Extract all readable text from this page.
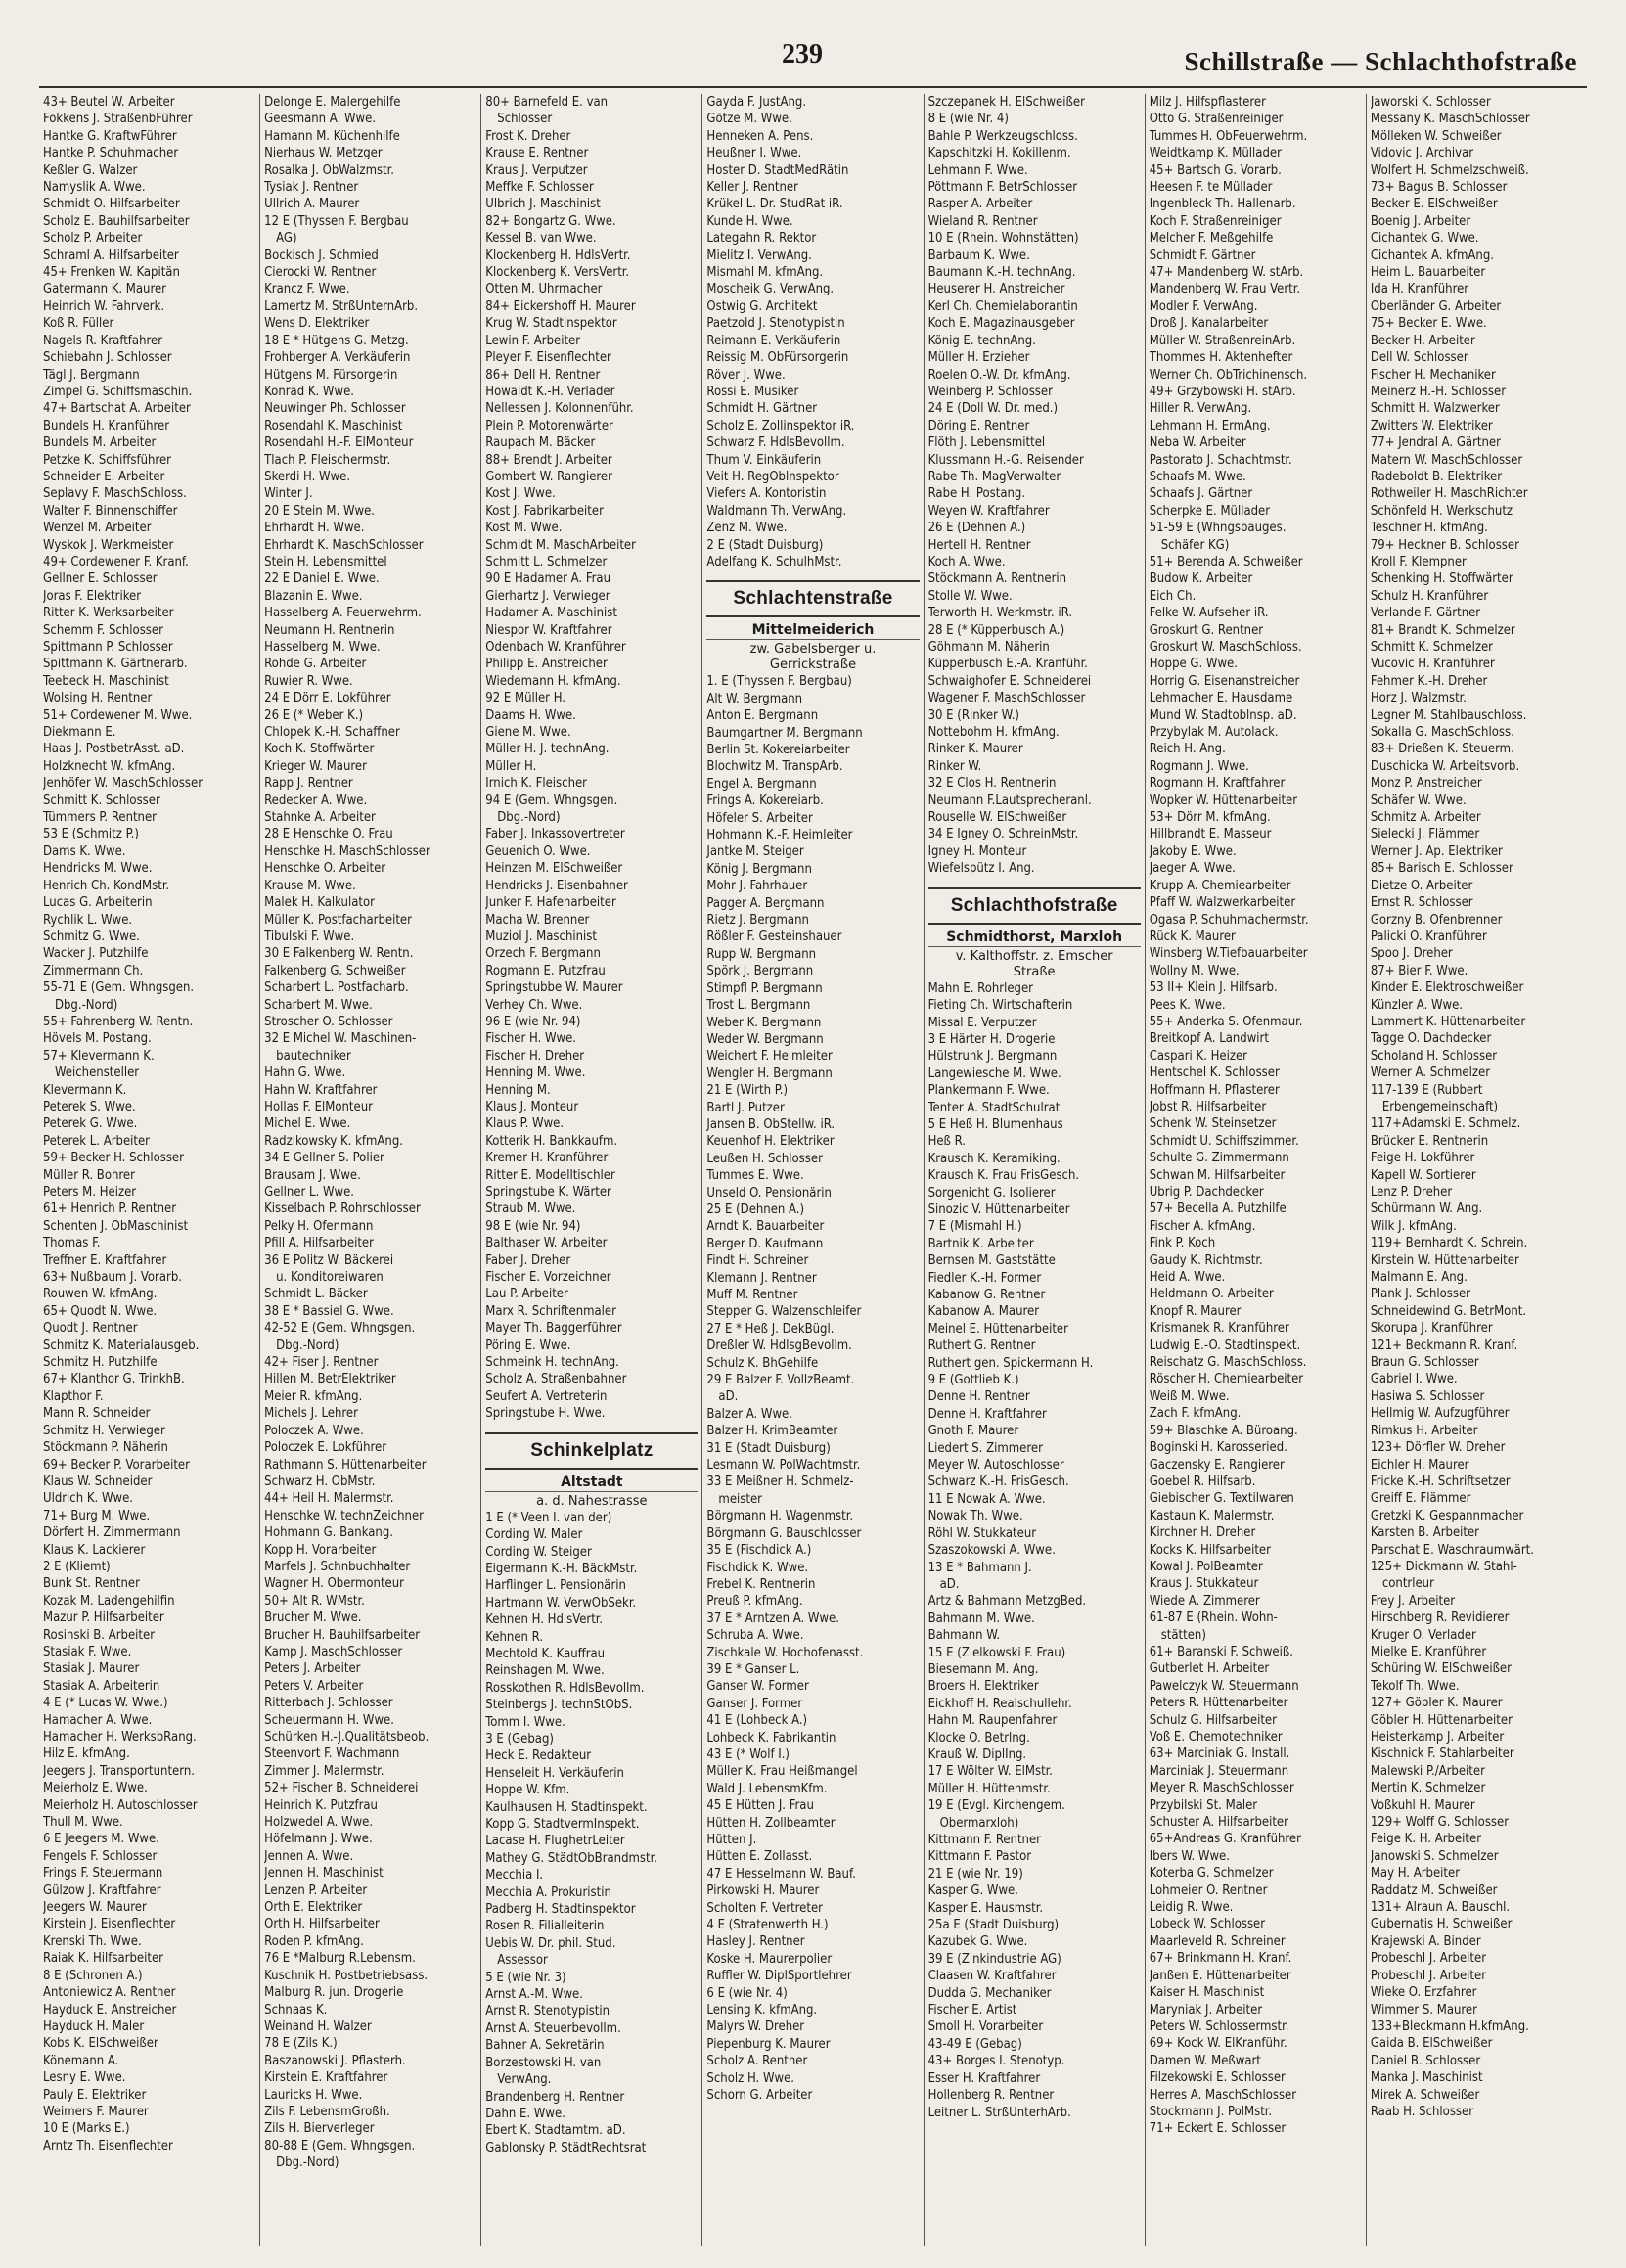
239	Schillstraße — Schlachthofstraße
43+ Beutel W. Arbeiter
Fokkens J. StraßenbFührer
Hantke G. KraftwFührer
Hantke P. Schuhmacher
Keßler G. Walzer
Namyslik A. Wwe.
Schmidt O. Hilfsarbeiter
Scholz E. Bauhilfsarbeiter
Scholz P. Arbeiter
Schraml A. Hilfsarbeiter
45+ Frenken W. Kapitän
Gatermann K. Maurer
Heinrich W. Fahrverk.
Koß R. Füller
Nagels R. Kraftfahrer
Schiebahn J. Schlosser
Tägl J. Bergmann
Zimpel G. Schiffsmaschin.
47+ Bartschat A. Arbeiter
Bundels H. Kranführer
Bundels M. Arbeiter
Petzke K. Schiffsführer
Schneider E. Arbeiter
Seplavy F. MaschSchloss.
Walter F. Binnenschiffer
Wenzel M. Arbeiter
Wyskok J. Werkmeister
49+ Cordewener F. Kranf.
Gellner E. Schlosser
Joras F. Elektriker
Ritter K. Werksarbeiter
Schemm F. Schlosser
Spittmann P. Schlosser
Spittmann K. Gärtnerarb.
Teebeck H. Maschinist
Wolsing H. Rentner
51+ Cordewener M. Wwe.
Diekmann E.
Haas J. PostbetrAsst. aD.
Holzknecht W. kfmAng.
Jenhöfer W. MaschSchlosser
Schmitt K. Schlosser
Tümmers P. Rentner
53 E (Schmitz P.)
Dams K. Wwe.
Hendricks M. Wwe.
Henrich Ch. KondMstr.
Lucas G. Arbeiterin
Rychlik L. Wwe.
Schmitz G. Wwe.
Wacker J. Putzhilfe
Zimmermann Ch.
55-71 E (Gem. Whngsgen.
Dbg.-Nord)
55+ Fahrenberg W. Rentn.
Hövels M. Postang.
57+ Klevermann K.
Weichensteller
Klevermann K.
Peterek S. Wwe.
Peterek G. Wwe.
Peterek L. Arbeiter
59+ Becker H. Schlosser
Müller R. Bohrer
Peters M. Heizer
61+ Henrich P. Rentner
Schenten J. ObMaschinist
Thomas F.
Treffner E. Kraftfahrer
63+ Nußbaum J. Vorarb.
Rouwen W. kfmAng.
65+ Quodt N. Wwe.
Quodt J. Rentner
Schmitz K. Materialausgeb.
Schmitz H. Putzhilfe
67+ Klanthor G. TrinkhB.
Klapthor F.
Mann R. Schneider
Schmitz H. Verwieger
Stöckmann P. Näherin
69+ Becker P. Vorarbeiter
Klaus W. Schneider
Uldrich K. Wwe.
71+ Burg M. Wwe.
Dörfert H. Zimmermann
Klaus K. Lackierer
2 E (Kliemt)
Bunk St. Rentner
Kozak M. Ladengehilfin
Mazur P. Hilfsarbeiter
Rosinski B. Arbeiter
Stasiak F. Wwe.
Stasiak J. Maurer
Stasiak A. Arbeiterin
4 E (* Lucas W. Wwe.)
Hamacher A. Wwe.
Hamacher H. WerksbRang.
Hilz E. kfmAng.
Jeegers J. Transportuntern.
Meierholz E. Wwe.
Meierholz H. Autoschlosser
Thull M. Wwe.
6 E Jeegers M. Wwe.
Fengels F. Schlosser
Frings F. Steuermann
Gülzow J. Kraftfahrer
Jeegers W. Maurer
Kirstein J. Eisenflechter
Krenski Th. Wwe.
Raiak K. Hilfsarbeiter
8 E (Schronen A.)
Antoniewicz A. Rentner
Hayduck E. Anstreicher
Hayduck H. Maler
Kobs K. ElSchweißer
Könemann A.
Lesny E. Wwe.
Pauly E. Elektriker
Weimers F. Maurer
10 E (Marks E.)
Arntz Th. Eisenflechter
Delonge E. Malergehilfe
Geesmann A. Wwe.
Hamann M. Küchenhilfe
Nierhaus W. Metzger
Rosalka J. ObWalzmstr.
Tysiak J. Rentner
Ullrich A. Maurer
12 E (Thyssen F. Bergbau
AG)
Bockisch J. Schmied
Cierocki W. Rentner
Krancz F. Wwe.
Lamertz M. StrßUnternArb.
Wens D. Elektriker
18 E * Hütgens G. Metzg.
Frohberger A. Verkäuferin
Hütgens M. Fürsorgerin
Konrad K. Wwe.
Neuwinger Ph. Schlosser
Rosendahl K. Maschinist
Rosendahl H.-F. ElMonteur
Tlach P. Fleischermstr.
Skerdi H. Wwe.
Winter J.
20 E Stein M. Wwe.
Ehrhardt H. Wwe.
Ehrhardt K. MaschSchlosser
Stein H. Lebensmittel
22 E Daniel E. Wwe.
Blazanin E. Wwe.
Hasselberg A. Feuerwehrm.
Neumann H. Rentnerin
Hasselberg M. Wwe.
Rohde G. Arbeiter
Ruwier R. Wwe.
24 E Dörr E. Lokführer
26 E (* Weber K.)
Chlopek K.-H. Schaffner
Koch K. Stoffwärter
Krieger W. Maurer
Rapp J. Rentner
Redecker A. Wwe.
Stahnke A. Arbeiter
28 E Henschke O. Frau
Henschke H. MaschSchlosser
Henschke O. Arbeiter
Krause M. Wwe.
Malek H. Kalkulator
Müller K. Postfacharbeiter
Tibulski F. Wwe.
30 E Falkenberg W. Rentn.
Falkenberg G. Schweißer
Scharbert L. Postfacharb.
Scharbert M. Wwe.
Stroscher O. Schlosser
32 E Michel W. Maschinen-
bautechniker
Hahn G. Wwe.
Hahn W. Kraftfahrer
Hollas F. ElMonteur
Michel E. Wwe.
Radzikowsky K. kfmAng.
34 E Gellner S. Polier
Brausam J. Wwe.
Gellner L. Wwe.
Kisselbach P. Rohrschlosser
Pelky H. Ofenmann
Pfill A. Hilfsarbeiter
36 E Politz W. Bäckerei
u. Konditoreiwaren
Schmidt L. Bäcker
38 E * Bassiel G. Wwe.
42-52 E (Gem. Whngsgen.
Dbg.-Nord)
42+ Fiser J. Rentner
Hillen M. BetrElektriker
Meier R. kfmAng.
Michels J. Lehrer
Poloczek A. Wwe.
Poloczek E. Lokführer
Rathmann S. Hüttenarbeiter
Schwarz H. ObMstr.
44+ Heil H. Malermstr.
Henschke W. technZeichner
Hohmann G. Bankang.
Kopp H. Vorarbeiter
Marfels J. Schnbuchhalter
Wagner H. Obermonteur
50+ Alt R. WMstr.
Brucher M. Wwe.
Brucher H. Bauhilfsarbeiter
Kamp J. MaschSchlosser
Peters J. Arbeiter
Peters V. Arbeiter
Ritterbach J. Schlosser
Scheuermann H. Wwe.
Schürken H.-J.Qualitätsbeob.
Steenvort F. Wachmann
Zimmer J. Malermstr.
52+ Fischer B. Schneiderei
Heinrich K. Putzfrau
Holzwedel A. Wwe.
Höfelmann J. Wwe.
Jennen A. Wwe.
Jennen H. Maschinist
Lenzen P. Arbeiter
Orth E. Elektriker
Orth H. Hilfsarbeiter
Roden P. kfmAng.
76 E *Malburg R.Lebensm.
Kuschnik H. Postbetriebsass.
Malburg R. jun. Drogerie
Schnaas K.
Weinand H. Walzer
78 E (Zils K.)
Baszanowski J. Pflasterh.
Kirstein E. Kraftfahrer
Lauricks H. Wwe.
Zils F. LebensmGroßh.
Zils H. Bierverleger
80-88 E (Gem. Whngsgen.
Dbg.-Nord)
80+ Barnefeld E. van
Schlosser
Frost K. Dreher
Krause E. Rentner
Kraus J. Verputzer
Meffke F. Schlosser
Ulbrich J. Maschinist
82+ Bongartz G. Wwe.
Kessel B. van Wwe.
Klockenberg H. HdlsVertr.
Klockenberg K. VersVertr.
Otten M. Uhrmacher
84+ Eickershoff H. Maurer
Krug W. Stadtinspektor
Lewin F. Arbeiter
Pleyer F. Eisenflechter
86+ Dell H. Rentner
Howaldt K.-H. Verlader
Nellessen J. Kolonnenführ.
Plein P. Motorenwärter
Raupach M. Bäcker
88+ Brendt J. Arbeiter
Gombert W. Rangierer
Kost J. Wwe.
Kost J. Fabrikarbeiter
Kost M. Wwe.
Schmidt M. MaschArbeiter
Schmitt L. Schmelzer
90 E Hadamer A. Frau
Gierhartz J. Verwieger
Hadamer A. Maschinist
Niespor W. Kraftfahrer
Odenbach W. Kranführer
Philipp E. Anstreicher
Wiedemann H. kfmAng.
92 E Müller H.
Daams H. Wwe.
Giene M. Wwe.
Müller H. J. technAng.
Müller H.
Irnich K. Fleischer
94 E (Gem. Whngsgen.
Dbg.-Nord)
Faber J. Inkassovertreter
Geuenich O. Wwe.
Heinzen M. ElSchweißer
Hendricks J. Eisenbahner
Junker F. Hafenarbeiter
Macha W. Brenner
Muziol J. Maschinist
Orzech F. Bergmann
Rogmann E. Putzfrau
Springstubbe W. Maurer
Verhey Ch. Wwe.
96 E (wie Nr. 94)
Fischer H. Wwe.
Fischer H. Dreher
Henning M. Wwe.
Henning M.
Klaus J. Monteur
Klaus P. Wwe.
Kotterik H. Bankkaufm.
Kremer H. Kranführer
Ritter E. Modelltischler
Springstube K. Wärter
Straub M. Wwe.
98 E (wie Nr. 94)
Balthaser W. Arbeiter
Faber J. Dreher
Fischer E. Vorzeichner
Lau P. Arbeiter
Marx R. Schriftenmaler
Mayer Th. Baggerführer
Pöring E. Wwe.
Schmeink H. technAng.
Scholz A. Straßenbahner
Seufert A. Vertreterin
Springstube H. Wwe.
Schinkelplatz
Altstadt
a. d. Nahestrasse
1 E (* Veen I. van der)
Cording W. Maler
Cording W. Steiger
Eigermann K.-H. BäckMstr.
Harflinger L. Pensionärin
Hartmann W. VerwObSekr.
Kehnen H. HdlsVertr.
Kehnen R.
Mechtold K. Kauffrau
Reinshagen M. Wwe.
Rosskothen R. HdlsBevollm.
Steinbergs J. technStObS.
Tomm I. Wwe.
3 E (Gebag)
Heck E. Redakteur
Henseleit H. Verkäuferin
Hoppe W. Kfm.
Kaulhausen H. Stadtinspekt.
Kopp G. StadtvermInspekt.
Lacase H. FlughetrLeiter
Mathey G. StädtObBrandmstr.
Mecchia I.
Mecchia A. Prokuristin
Padberg H. Stadtinspektor
Rosen R. Filialleiterin
Uebis W. Dr. phil. Stud.
Assessor
5 E (wie Nr. 3)
Arnst A.-M. Wwe.
Arnst R. Stenotypistin
Arnst A. Steuerbevollm.
Bahner A. Sekretärin
Borzestowski H. van
VerwAng.
Brandenberg H. Rentner
Dahn E. Wwe.
Ebert K. Stadtamtm. aD.
Gablonsky P. StädtRechtsrat
Gayda F. JustAng.
Götze M. Wwe.
Henneken A. Pens.
Heußner I. Wwe.
Hoster D. StadtMedRätin
Keller J. Rentner
Krükel L. Dr. StudRat iR.
Kunde H. Wwe.
Lategahn R. Rektor
Mielitz I. VerwAng.
Mismahl M. kfmAng.
Moscheik G. VerwAng.
Ostwig G. Architekt
Paetzold J. Stenotypistin
Reimann E. Verkäuferin
Reissig M. ObFürsorgerin
Röver J. Wwe.
Rossi E. Musiker
Schmidt H. Gärtner
Scholz E. Zollinspektor iR.
Schwarz F. HdlsBevollm.
Thum V. Einkäuferin
Veit H. RegOblnspektor
Viefers A. Kontoristin
Waldmann Th. VerwAng.
Zenz M. Wwe.
2 E (Stadt Duisburg)
Adelfang K. SchulhMstr.
Schlachtenstraße
Mittelmeiderich
zw. Gabelsberger u.
Gerrickstraße
1. E (Thyssen F. Bergbau)
Alt W. Bergmann
Anton E. Bergmann
Baumgartner M. Bergmann
Berlin St. Kokereiarbeiter
Blochwitz M. TranspArb.
Engel A. Bergmann
Frings A. Kokereiarb.
Höfeler S. Arbeiter
Hohmann K.-F. Heimleiter
Jantke M. Steiger
König J. Bergmann
Mohr J. Fahrhauer
Pagger A. Bergmann
Rietz J. Bergmann
Rößler F. Gesteinshauer
Rupp W. Bergmann
Spörk J. Bergmann
Stimpfl P. Bergmann
Trost L. Bergmann
Weber K. Bergmann
Weder W. Bergmann
Weichert F. Heimleiter
Wengler H. Bergmann
21 E (Wirth P.)
Bartl J. Putzer
Jansen B. ObStellw. iR.
Keuenhof H. Elektriker
Leußen H. Schlosser
Tummes E. Wwe.
Unseld O. Pensionärin
25 E (Dehnen A.)
Arndt K. Bauarbeiter
Berger D. Kaufmann
Findt H. Schreiner
Klemann J. Rentner
Muff M. Rentner
Stepper G. Walzenschleifer
27 E * Heß J. DekBügl.
Dreßler W. HdlsgBevollm.
Schulz K. BhGehilfe
29 E Balzer F. VollzBeamt.
aD.
Balzer A. Wwe.
Balzer H. KrimBeamter
31 E (Stadt Duisburg)
Lesmann W. PolWachtmstr.
33 E Meißner H. Schmelz-
meister
Börgmann H. Wagenmstr.
Börgmann G. Bauschlosser
35 E (Fischdick A.)
Fischdick K. Wwe.
Frebel K. Rentnerin
Preuß P. kfmAng.
37 E * Arntzen A. Wwe.
Schruba A. Wwe.
Zischkale W. Hochofenasst.
39 E * Ganser L.
Ganser W. Former
Ganser J. Former
41 E (Lohbeck A.)
Lohbeck K. Fabrikantin
43 E (* Wolf I.)
Müller K. Frau Heißmangel
Wald J. LebensmKfm.
45 E Hütten J. Frau
Hütten H. Zollbeamter
Hütten J.
Hütten E. Zollasst.
47 E Hesselmann W. Bauf.
Pirkowski H. Maurer
Scholten F. Vertreter
4 E (Stratenwerth H.)
Hasley J. Rentner
Koske H. Maurerpolier
Ruffler W. DiplSportlehrer
6 E (wie Nr. 4)
Lensing K. kfmAng.
Malyrs W. Dreher
Piepenburg K. Maurer
Scholz A. Rentner
Scholz H. Wwe.
Schorn G. Arbeiter
Szczepanek H. ElSchweißer
8 E (wie Nr. 4)
Bahle P. Werkzeugschloss.
Kapschitzki H. Kokillenm.
Lehmann F. Wwe.
Pöttmann F. BetrSchlosser
Rasper A. Arbeiter
Wieland R. Rentner
10 E (Rhein. Wohnstätten)
Barbaum K. Wwe.
Baumann K.-H. technAng.
Heuserer H. Anstreicher
Kerl Ch. Chemielaborantin
Koch E. Magazinausgeber
König E. technAng.
Müller H. Erzieher
Roelen O.-W. Dr. kfmAng.
Weinberg P. Schlosser
24 E (Doll W. Dr. med.)
Döring E. Rentner
Flöth J. Lebensmittel
Klussmann H.-G. Reisender
Rabe Th. MagVerwalter
Rabe H. Postang.
Weyen W. Kraftfahrer
26 E (Dehnen A.)
Hertell H. Rentner
Koch A. Wwe.
Stöckmann A. Rentnerin
Stolle W. Wwe.
Terworth H. Werkmstr. iR.
28 E (* Küpperbusch A.)
Göhmann M. Näherin
Küpperbusch E.-A. Kranführ.
Schwaighofer E. Schneiderei
Wagener F. MaschSchlosser
30 E (Rinker W.)
Nottebohm H. kfmAng.
Rinker K. Maurer
Rinker W.
32 E Clos H. Rentnerin
Neumann F.Lautsprecheranl.
Rouselle W. ElSchweißer
34 E Igney O. SchreinMstr.
Igney H. Monteur
Wiefelspütz I. Ang.
Schlachthofstraße
Schmidthorst, Marxloh
v. Kalthoffstr. z. Emscher
Straße
Mahn E. Rohrleger
Fieting Ch. Wirtschafterin
Missal E. Verputzer
3 E Härter H. Drogerie
Hülstrunk J. Bergmann
Langewiesche M. Wwe.
Plankermann F. Wwe.
Tenter A. StadtSchulrat
5 E Heß H. Blumenhaus
Heß R.
Krausch K. Keramiking.
Krausch K. Frau FrisGesch.
Sorgenicht G. Isolierer
Sinozic V. Hüttenarbeiter
7 E (Mismahl H.)
Bartnik K. Arbeiter
Bernsen M. Gaststätte
Fiedler K.-H. Former
Kabanow G. Rentner
Kabanow A. Maurer
Meinel E. Hüttenarbeiter
Ruthert G. Rentner
Ruthert gen. Spickermann H.
9 E (Gottlieb K.)
Denne H. Rentner
Denne H. Kraftfahrer
Gnoth F. Maurer
Liedert S. Zimmerer
Meyer W. Autoschlosser
Schwarz K.-H. FrisGesch.
11 E Nowak A. Wwe.
Nowak Th. Wwe.
Röhl W. Stukkateur
Szaszokowski A. Wwe.
13 E * Bahmann J.
aD.
Artz & Bahmann MetzgBed.
Bahmann M. Wwe.
Bahmann W.
15 E (Zielkowski F. Frau)
Biesemann M. Ang.
Broers H. Elektriker
Eickhoff H. Realschullehr.
Hahn M. Raupenfahrer
Klocke O. Betrlng.
Krauß W. DiplIng.
17 E Wölter W. ElMstr.
Müller H. Hüttenmstr.
19 E (Evgl. Kirchengem.
Obermarxloh)
Kittmann F. Rentner
Kittmann F. Pastor
21 E (wie Nr. 19)
Kasper G. Wwe.
Kasper E. Hausmstr.
25a E (Stadt Duisburg)
Kazubek G. Wwe.
39 E (Zinkindustrie AG)
Claasen W. Kraftfahrer
Dudda G. Mechaniker
Fischer E. Artist
Smoll H. Vorarbeiter
43-49 E (Gebag)
43+ Borges I. Stenotyp.
Esser H. Kraftfahrer
Hollenberg R. Rentner
Leitner L. StrßUnterhArb.
Milz J. Hilfspflasterer
Otto G. Straßenreiniger
Tummes H. ObFeuerwehrm.
Weidtkamp K. Müllader
45+ Bartsch G. Vorarb.
Heesen F. te Müllader
Ingenbleck Th. Hallenarb.
Koch F. Straßenreiniger
Melcher F. Meßgehilfe
Schmidt F. Gärtner
47+ Mandenberg W. stArb.
Mandenberg W. Frau Vertr.
Modler F. VerwAng.
Droß J. Kanalarbeiter
Müller W. StraßenreinArb.
Thommes H. Aktenhefter
Werner Ch. ObTrichinensch.
49+ Grzybowski H. stArb.
Hiller R. VerwAng.
Lehmann H. ErmAng.
Neba W. Arbeiter
Pastorato J. Schachtmstr.
Schaafs M. Wwe.
Schaafs J. Gärtner
Scherpke E. Müllader
51-59 E (Whngsbauges.
Schäfer KG)
51+ Berenda A. Schweißer
Budow K. Arbeiter
Eich Ch.
Felke W. Aufseher iR.
Groskurt G. Rentner
Groskurt W. MaschSchloss.
Hoppe G. Wwe.
Horrig G. Eisenanstreicher
Lehmacher E. Hausdame
Mund W. Stadtoblnsp. aD.
Przybylak M. Autolack.
Reich H. Ang.
Rogmann J. Wwe.
Rogmann H. Kraftfahrer
Wopker W. Hüttenarbeiter
53+ Dörr M. kfmAng.
Hillbrandt E. Masseur
Jakoby E. Wwe.
Jaeger A. Wwe.
Krupp A. Chemiearbeiter
Pfaff W. Walzwerkarbeiter
Ogasa P. Schuhmachermstr.
Rück K. Maurer
Winsberg W.Tiefbauarbeiter
Wollny M. Wwe.
53 II+ Klein J. Hilfsarb.
Pees K. Wwe.
55+ Anderka S. Ofenmaur.
Breitkopf A. Landwirt
Caspari K. Heizer
Hentschel K. Schlosser
Hoffmann H. Pflasterer
Jobst R. Hilfsarbeiter
Schenk W. Steinsetzer
Schmidt U. Schiffszimmer.
Schulte G. Zimmermann
Schwan M. Hilfsarbeiter
Ubrig P. Dachdecker
57+ Becella A. Putzhilfe
Fischer A. kfmAng.
Fink P. Koch
Gaudy K. Richtmstr.
Heid A. Wwe.
Heldmann O. Arbeiter
Knopf R. Maurer
Krismanek R. Kranführer
Ludwig E.-O. Stadtinspekt.
Reischatz G. MaschSchloss.
Röscher H. Chemiearbeiter
Weiß M. Wwe.
Zach F. kfmAng.
59+ Blaschke A. Büroang.
Boginski H. Karosseried.
Gaczensky E. Rangierer
Goebel R. Hilfsarb.
Giebischer G. Textilwaren
Kastaun K. Malermstr.
Kirchner H. Dreher
Kocks K. Hilfsarbeiter
Kowal J. PolBeamter
Kraus J. Stukkateur
Wiede A. Zimmerer
61-87 E (Rhein. Wohn-
stätten)
61+ Baranski F. Schweiß.
Gutberlet H. Arbeiter
Pawelczyk W. Steuermann
Peters R. Hüttenarbeiter
Schulz G. Hilfsarbeiter
Voß E. Chemotechniker
63+ Marciniak G. Install.
Marciniak J. Steuermann
Meyer R. MaschSchlosser
Przybilski St. Maler
Schuster A. Hilfsarbeiter
65+Andreas G. Kranführer
Ibers W. Wwe.
Koterba G. Schmelzer
Lohmeier O. Rentner
Leidig R. Wwe.
Lobeck W. Schlosser
Maarleveld R. Schreiner
67+ Brinkmann H. Kranf.
Janßen E. Hüttenarbeiter
Kaiser H. Maschinist
Maryniak J. Arbeiter
Peters W. Schlossermstr.
69+ Kock W. ElKranführ.
Damen W. Meßwart
Filzekowski E. Schlosser
Herres A. MaschSchlosser
Stockmann J. PolMstr.
71+ Eckert E. Schlosser
Jaworski K. Schlosser
Messany K. MaschSchlosser
Mölleken W. Schweißer
Vidovic J. Archivar
Wolfert H. Schmelzschweiß.
73+ Bagus B. Schlosser
Becker E. ElSchweißer
Boenig J. Arbeiter
Cichantek G. Wwe.
Cichantek A. kfmAng.
Heim L. Bauarbeiter
Ida H. Kranführer
Oberländer G. Arbeiter
75+ Becker E. Wwe.
Becker H. Arbeiter
Dell W. Schlosser
Fischer H. Mechaniker
Meinerz H.-H. Schlosser
Schmitt H. Walzwerker
Zwitters W. Elektriker
77+ Jendral A. Gärtner
Matern W. MaschSchlosser
Radeboldt B. Elektriker
Rothweiler H. MaschRichter
Schönfeld H. Werkschutz
Teschner H. kfmAng.
79+ Heckner B. Schlosser
Kroll F. Klempner
Schenking H. Stoffwärter
Schulz H. Kranführer
Verlande F. Gärtner
81+ Brandt K. Schmelzer
Schmitt K. Schmelzer
Vucovic H. Kranführer
Fehmer K.-H. Dreher
Horz J. Walzmstr.
Legner M. Stahlbauschloss.
Sokalla G. MaschSchloss.
83+ Drießen K. Steuerm.
Duschicka W. Arbeitsvorb.
Monz P. Anstreicher
Schäfer W. Wwe.
Schmitz A. Arbeiter
Sielecki J. Flämmer
Werner J. Ap. Elektriker
85+ Barisch E. Schlosser
Dietze O. Arbeiter
Ernst R. Schlosser
Gorzny B. Ofenbrenner
Palicki O. Kranführer
Spoo J. Dreher
87+ Bier F. Wwe.
Kinder E. Elektroschweißer
Künzler A. Wwe.
Lammert K. Hüttenarbeiter
Tagge O. Dachdecker
Scholand H. Schlosser
Werner A. Schmelzer
117-139 E (Rubbert
Erbengemeinschaft)
117+Adamski E. Schmelz.
Brücker E. Rentnerin
Feige H. Lokführer
Kapell W. Sortierer
Lenz P. Dreher
Schürmann W. Ang.
Wilk J. kfmAng.
119+ Bernhardt K. Schrein.
Kirstein W. Hüttenarbeiter
Malmann E. Ang.
Plank J. Schlosser
Schneidewind G. BetrMont.
Skorupa J. Kranführer
121+ Beckmann R. Kranf.
Braun G. Schlosser
Gabriel I. Wwe.
Hasiwa S. Schlosser
Hellmig W. Aufzugführer
Rimkus H. Arbeiter
123+ Dörfler W. Dreher
Eichler H. Maurer
Fricke K.-H. Schriftsetzer
Greiff E. Flämmer
Gretzki K. Gespannmacher
Karsten B. Arbeiter
Parschat E. Waschraumwärt.
125+ Dickmann W. Stahl-
contrleur
Frey J. Arbeiter
Hirschberg R. Revidierer
Kruger O. Verlader
Mielke E. Kranführer
Schüring W. ElSchweißer
Tekolf Th. Wwe.
127+ Göbler K. Maurer
Göbler H. Hüttenarbeiter
Heisterkamp J. Arbeiter
Kischnick F. Stahlarbeiter
Malewski P./Arbeiter
Mertin K. Schmelzer
Voßkuhl H. Maurer
129+ Wolff G. Schlosser
Feige K. H. Arbeiter
Janowski S. Schmelzer
May H. Arbeiter
Raddatz M. Schweißer
131+ Alraun A. Bauschl.
Gubernatis H. Schweißer
Krajewski A. Binder
Probeschl J. Arbeiter
Probeschl J. Arbeiter
Wieke O. Erzfahrer
Wimmer S. Maurer
133+Bleckmann H.kfmAng.
Gaida B. ElSchweißer
Daniel B. Schlosser
Manka J. Maschinist
Mirek A. Schweißer
Raab H. Schlosser
